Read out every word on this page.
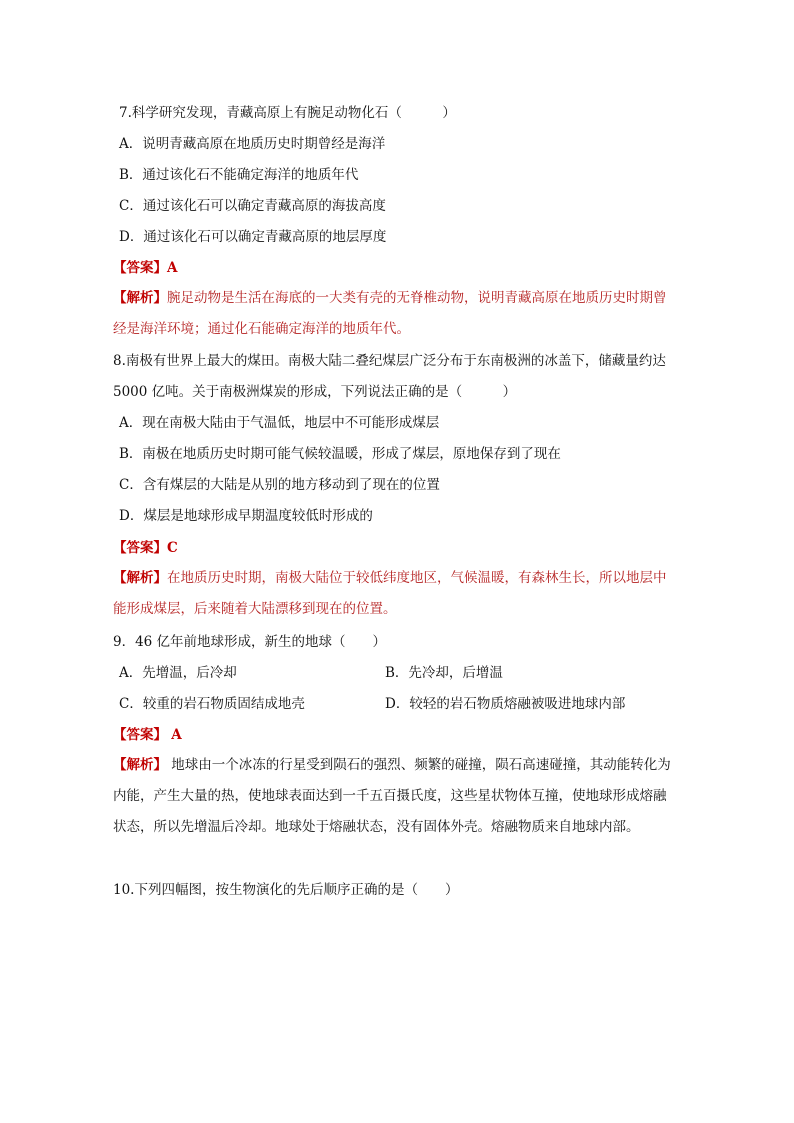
7.科学研究发现，青藏高原上有腕足动物化石（　　　）
A．说明青藏高原在地质历史时期曾经是海洋
B．通过该化石不能确定海洋的地质年代
C．通过该化石可以确定青藏高原的海拔高度
D．通过该化石可以确定青藏高原的地层厚度
【答案】A
【解析】腕足动物是生活在海底的一大类有壳的无脊椎动物，说明青藏高原在地质历史时期曾经是海洋环境；通过化石能确定海洋的地质年代。
8.南极有世界上最大的煤田。南极大陆二叠纪煤层广泛分布于东南极洲的冰盖下，储藏量约达 5000 亿吨。关于南极洲煤炭的形成，下列说法正确的是（　　　）
A．现在南极大陆由于气温低，地层中不可能形成煤层
B．南极在地质历史时期可能气候较温暖，形成了煤层，原地保存到了现在
C．含有煤层的大陆是从别的地方移动到了现在的位置
D．煤层是地球形成早期温度较低时形成的
【答案】C
【解析】在地质历史时期，南极大陆位于较低纬度地区，气候温暖，有森林生长，所以地层中能形成煤层，后来随着大陆漂移到现在的位置。
9．46 亿年前地球形成，新生的地球（　　）
A．先增温，后冷却	B．先冷却，后增温
C．较重的岩石物质固结成地壳	D．较轻的岩石物质熔融被吸进地球内部
【答案】 A
【解析】 地球由一个冰冻的行星受到陨石的强烈、频繁的碰撞，陨石高速碰撞，其动能转化为内能，产生大量的热，使地球表面达到一千五百摄氏度，这些星状物体互撞，使地球形成熔融状态，所以先增温后冷却。地球处于熔融状态，没有固体外壳。熔融物质来自地球内部。
10.下列四幅图，按生物演化的先后顺序正确的是（　　）
